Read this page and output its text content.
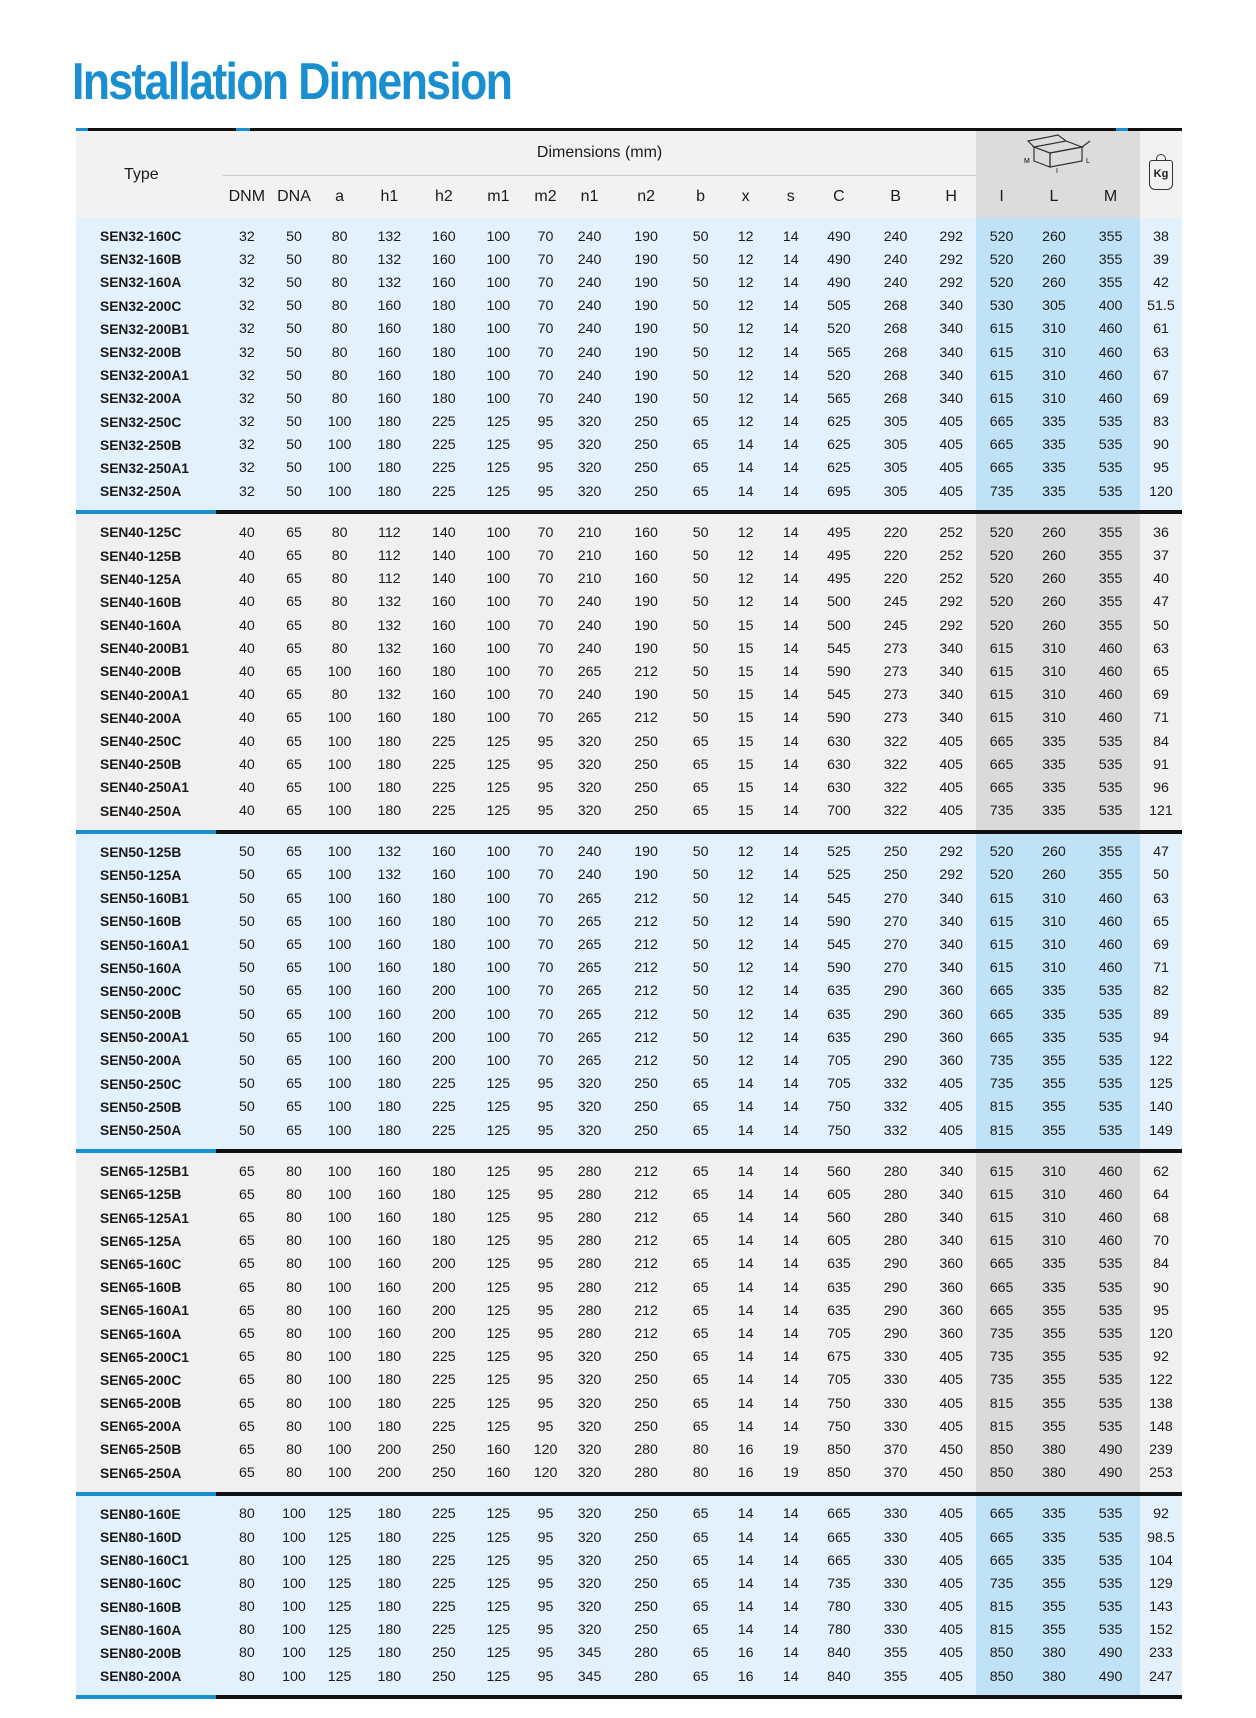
Installation Dimension
Type	Dimensions (mm)															M L
I			Kg
	DNM	DNA	a	h1	h2	m1	m2	n1	n2	b	x	s	C	B	H	I	L	M	
SEN32-160C	32	50	80	132	160	100	70	240	190	50	12	14	490	240	292	520	260	355	38
SEN32-160B	32	50	80	132	160	100	70	240	190	50	12	14	490	240	292	520	260	355	39
SEN32-160A	32	50	80	132	160	100	70	240	190	50	12	14	490	240	292	520	260	355	42
SEN32-200C	32	50	80	160	180	100	70	240	190	50	12	14	505	268	340	530	305	400	51.5
SEN32-200B1	32	50	80	160	180	100	70	240	190	50	12	14	520	268	340	615	310	460	61
SEN32-200B	32	50	80	160	180	100	70	240	190	50	12	14	565	268	340	615	310	460	63
SEN32-200A1	32	50	80	160	180	100	70	240	190	50	12	14	520	268	340	615	310	460	67
SEN32-200A	32	50	80	160	180	100	70	240	190	50	12	14	565	268	340	615	310	460	69
SEN32-250C	32	50	100	180	225	125	95	320	250	65	12	14	625	305	405	665	335	535	83
SEN32-250B	32	50	100	180	225	125	95	320	250	65	14	14	625	305	405	665	335	535	90
SEN32-250A1	32	50	100	180	225	125	95	320	250	65	14	14	625	305	405	665	335	535	95
SEN32-250A	32	50	100	180	225	125	95	320	250	65	14	14	695	305	405	735	335	535	120

SEN40-125C	40	65	80	112	140	100	70	210	160	50	12	14	495	220	252	520	260	355	36
SEN40-125B	40	65	80	112	140	100	70	210	160	50	12	14	495	220	252	520	260	355	37
SEN40-125A	40	65	80	112	140	100	70	210	160	50	12	14	495	220	252	520	260	355	40
SEN40-160B	40	65	80	132	160	100	70	240	190	50	12	14	500	245	292	520	260	355	47
SEN40-160A	40	65	80	132	160	100	70	240	190	50	15	14	500	245	292	520	260	355	50
SEN40-200B1	40	65	80	132	160	100	70	240	190	50	15	14	545	273	340	615	310	460	63
SEN40-200B	40	65	100	160	180	100	70	265	212	50	15	14	590	273	340	615	310	460	65
SEN40-200A1	40	65	80	132	160	100	70	240	190	50	15	14	545	273	340	615	310	460	69
SEN40-200A	40	65	100	160	180	100	70	265	212	50	15	14	590	273	340	615	310	460	71
SEN40-250C	40	65	100	180	225	125	95	320	250	65	15	14	630	322	405	665	335	535	84
SEN40-250B	40	65	100	180	225	125	95	320	250	65	15	14	630	322	405	665	335	535	91
SEN40-250A1	40	65	100	180	225	125	95	320	250	65	15	14	630	322	405	665	335	535	96
SEN40-250A	40	65	100	180	225	125	95	320	250	65	15	14	700	322	405	735	335	535	121

SEN50-125B	50	65	100	132	160	100	70	240	190	50	12	14	525	250	292	520	260	355	47
SEN50-125A	50	65	100	132	160	100	70	240	190	50	12	14	525	250	292	520	260	355	50
SEN50-160B1	50	65	100	160	180	100	70	265	212	50	12	14	545	270	340	615	310	460	63
SEN50-160B	50	65	100	160	180	100	70	265	212	50	12	14	590	270	340	615	310	460	65
SEN50-160A1	50	65	100	160	180	100	70	265	212	50	12	14	545	270	340	615	310	460	69
SEN50-160A	50	65	100	160	180	100	70	265	212	50	12	14	590	270	340	615	310	460	71
SEN50-200C	50	65	100	160	200	100	70	265	212	50	12	14	635	290	360	665	335	535	82
SEN50-200B	50	65	100	160	200	100	70	265	212	50	12	14	635	290	360	665	335	535	89
SEN50-200A1	50	65	100	160	200	100	70	265	212	50	12	14	635	290	360	665	335	535	94
SEN50-200A	50	65	100	160	200	100	70	265	212	50	12	14	705	290	360	735	355	535	122
SEN50-250C	50	65	100	180	225	125	95	320	250	65	14	14	705	332	405	735	355	535	125
SEN50-250B	50	65	100	180	225	125	95	320	250	65	14	14	750	332	405	815	355	535	140
SEN50-250A	50	65	100	180	225	125	95	320	250	65	14	14	750	332	405	815	355	535	149

SEN65-125B1	65	80	100	160	180	125	95	280	212	65	14	14	560	280	340	615	310	460	62
SEN65-125B	65	80	100	160	180	125	95	280	212	65	14	14	605	280	340	615	310	460	64
SEN65-125A1	65	80	100	160	180	125	95	280	212	65	14	14	560	280	340	615	310	460	68
SEN65-125A	65	80	100	160	180	125	95	280	212	65	14	14	605	280	340	615	310	460	70
SEN65-160C	65	80	100	160	200	125	95	280	212	65	14	14	635	290	360	665	335	535	84
SEN65-160B	65	80	100	160	200	125	95	280	212	65	14	14	635	290	360	665	335	535	90
SEN65-160A1	65	80	100	160	200	125	95	280	212	65	14	14	635	290	360	665	355	535	95
SEN65-160A	65	80	100	160	200	125	95	280	212	65	14	14	705	290	360	735	355	535	120
SEN65-200C1	65	80	100	180	225	125	95	320	250	65	14	14	675	330	405	735	355	535	92
SEN65-200C	65	80	100	180	225	125	95	320	250	65	14	14	705	330	405	735	355	535	122
SEN65-200B	65	80	100	180	225	125	95	320	250	65	14	14	750	330	405	815	355	535	138
SEN65-200A	65	80	100	180	225	125	95	320	250	65	14	14	750	330	405	815	355	535	148
SEN65-250B	65	80	100	200	250	160	120	320	280	80	16	19	850	370	450	850	380	490	239
SEN65-250A	65	80	100	200	250	160	120	320	280	80	16	19	850	370	450	850	380	490	253

SEN80-160E	80	100	125	180	225	125	95	320	250	65	14	14	665	330	405	665	335	535	92
SEN80-160D	80	100	125	180	225	125	95	320	250	65	14	14	665	330	405	665	335	535	98.5
SEN80-160C1	80	100	125	180	225	125	95	320	250	65	14	14	665	330	405	665	335	535	104
SEN80-160C	80	100	125	180	225	125	95	320	250	65	14	14	735	330	405	735	355	535	129
SEN80-160B	80	100	125	180	225	125	95	320	250	65	14	14	780	330	405	815	355	535	143
SEN80-160A	80	100	125	180	225	125	95	320	250	65	14	14	780	330	405	815	355	535	152
SEN80-200B	80	100	125	180	250	125	95	345	280	65	16	14	840	355	405	850	380	490	233
SEN80-200A	80	100	125	180	250	125	95	345	280	65	16	14	840	355	405	850	380	490	247
